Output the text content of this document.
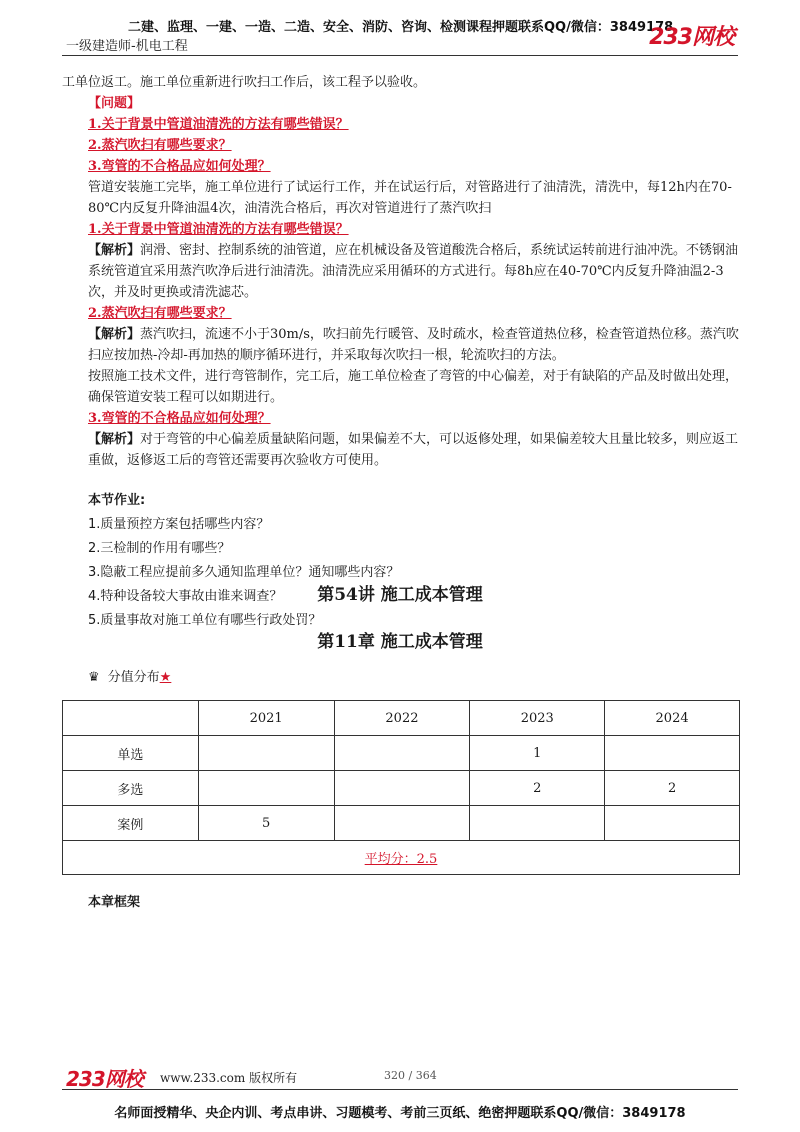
二建、监理、一建、一造、二造、安全、消防、咨询、检测课程押题联系QQ/微信：3849178
233网校
一级建造师-机电工程

工单位返工。施工单位重新进行吹扫工作后，该工程予以验收。

【问题】

1.关于背景中管道油清洗的方法有哪些错误？

2.蒸汽吹扫有哪些要求？

3.弯管的不合格品应如何处理？

管道安装施工完毕，施工单位进行了试运行工作，并在试运行后，对管路进行了油清洗，清洗中，每12h内在70-80℃内反复升降油温4次，油清洗合格后，再次对管道进行了蒸汽吹扫

1.关于背景中管道油清洗的方法有哪些错误？

【解析】润滑、密封、控制系统的油管道，应在机械设备及管道酸洗合格后，系统试运转前进行油冲洗。不锈钢油系统管道宜采用蒸汽吹净后进行油清洗。油清洗应采用循环的方式进行。每8h应在40-70℃内反复升降油温2-3次，并及时更换或清洗滤芯。

2.蒸汽吹扫有哪些要求？

【解析】蒸汽吹扫，流速不小于30m/s，吹扫前先行暖管、及时疏水，检查管道热位移，检查管道热位移。蒸汽吹扫应按加热-冷却-再加热的顺序循环进行，并采取每次吹扫一根，轮流吹扫的方法。

按照施工技术文件，进行弯管制作，完工后，施工单位检查了弯管的中心偏差，对于有缺陷的产品及时做出处理，确保管道安装工程可以如期进行。

3.弯管的不合格品应如何处理？

【解析】对于弯管的中心偏差质量缺陷问题，如果偏差不大，可以返修处理，如果偏差较大且量比较多，则应返工重做，返修返工后的弯管还需要再次验收方可使用。

本节作业:

1.质量预控方案包括哪些内容？

2.三检制的作用有哪些？

3.隐蔽工程应提前多久通知监理单位？通知哪些内容？

4.特种设备较大事故由谁来调查？

5.质量事故对施工单位有哪些行政处罚？

第54讲 施工成本管理
第11章 施工成本管理
♛ 分值分布★
	2021	2022	2023	2024
单选			1	
多选			2	2
案例	5			
平均分：2.5				
本章框架
233网校 www.233.com 版权所有	320 / 364
名师面授精华、央企内训、考点串讲、习题模考、考前三页纸、绝密押题联系QQ/微信：3849178
